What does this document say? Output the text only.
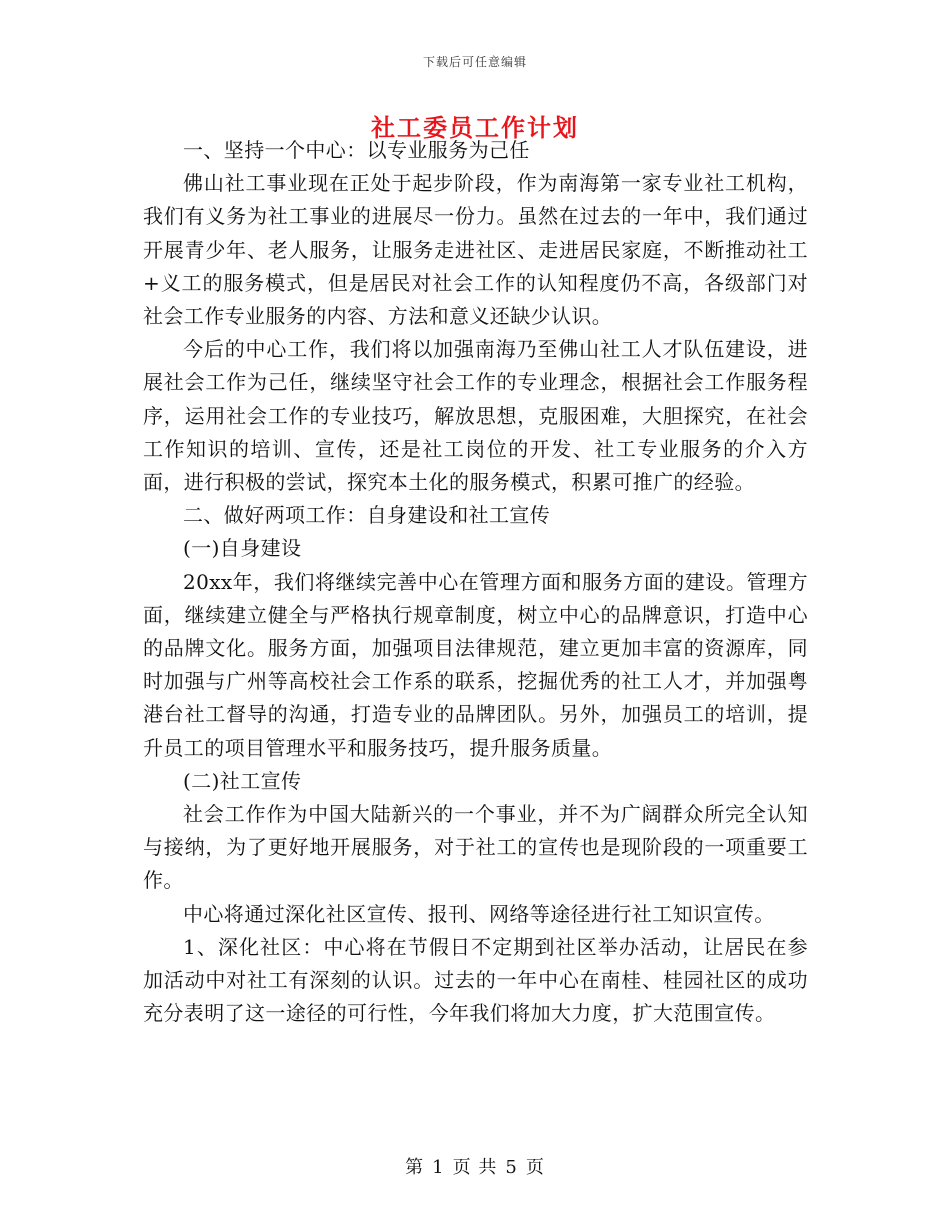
下载后可任意编辑
社工委员工作计划

一、坚持一个中心：以专业服务为己任

佛山社工事业现在正处于起步阶段，作为南海第一家专业社工机构，我们有义务为社工事业的进展尽一份力。虽然在过去的一年中，我们通过开展青少年、老人服务，让服务走进社区、走进居民家庭，不断推动社工+义工的服务模式，但是居民对社会工作的认知程度仍不高，各级部门对社会工作专业服务的内容、方法和意义还缺少认识。

今后的中心工作，我们将以加强南海乃至佛山社工人才队伍建设，进展社会工作为己任，继续坚守社会工作的专业理念，根据社会工作服务程序，运用社会工作的专业技巧，解放思想，克服困难，大胆探究，在社会工作知识的培训、宣传，还是社工岗位的开发、社工专业服务的介入方面，进行积极的尝试，探究本土化的服务模式，积累可推广的经验。

二、做好两项工作：自身建设和社工宣传

(一)自身建设

20xx年，我们将继续完善中心在管理方面和服务方面的建设。管理方面，继续建立健全与严格执行规章制度，树立中心的品牌意识，打造中心的品牌文化。服务方面，加强项目法律规范，建立更加丰富的资源库，同时加强与广州等高校社会工作系的联系，挖掘优秀的社工人才，并加强粤港台社工督导的沟通，打造专业的品牌团队。另外，加强员工的培训，提升员工的项目管理水平和服务技巧，提升服务质量。

(二)社工宣传

社会工作作为中国大陆新兴的一个事业，并不为广阔群众所完全认知与接纳，为了更好地开展服务，对于社工的宣传也是现阶段的一项重要工作。

中心将通过深化社区宣传、报刊、网络等途径进行社工知识宣传。

1、深化社区：中心将在节假日不定期到社区举办活动，让居民在参加活动中对社工有深刻的认识。过去的一年中心在南桂、桂园社区的成功充分表明了这一途径的可行性，今年我们将加大力度，扩大范围宣传。

第 1 页 共 5 页
